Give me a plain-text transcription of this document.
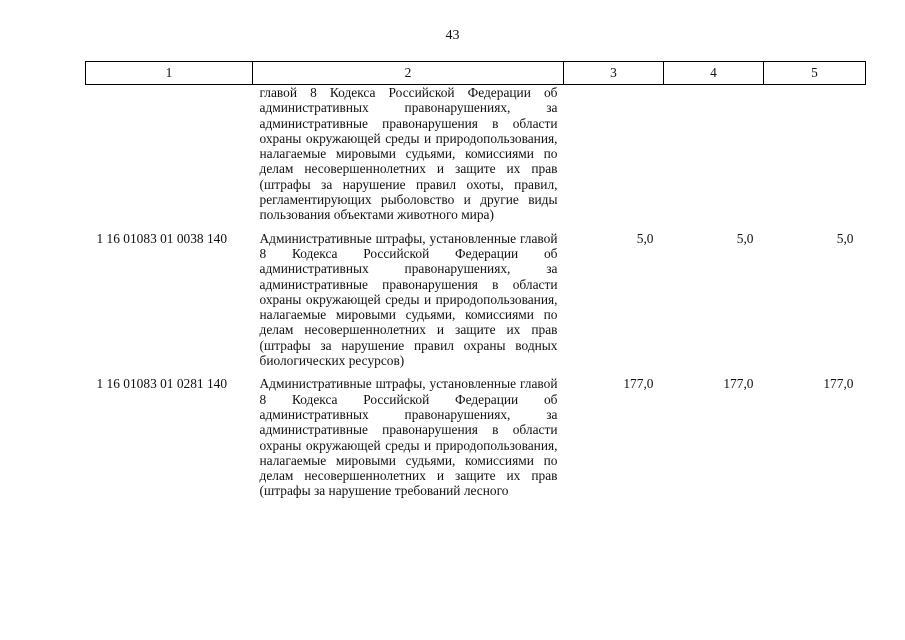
43
1	2	3	4	5
	главой 8 Кодекса Российской Федерации об административных правонарушениях, за административные правонарушения в области охраны окружающей среды и природопользования, налагаемые мировыми судьями, комиссиями по делам несовершеннолетних и защите их прав (штрафы за нарушение правил охоты, правил, регламентирующих рыболовство и другие виды пользования объектами животного мира)			
1 16 01083 01 0038 140	Административные штрафы, установленные главой 8 Кодекса Российской Федерации об административных правонарушениях, за административные правонарушения в области охраны окружающей среды и природопользования, налагаемые мировыми судьями, комиссиями по делам несовершеннолетних и защите их прав (штрафы за нарушение правил охраны водных биологических ресурсов)	5,0	5,0	5,0
1 16 01083 01 0281 140	Административные штрафы, установленные главой 8 Кодекса Российской Федерации об административных правонарушениях, за административные правонарушения в области охраны окружающей среды и природопользования, налагаемые мировыми судьями, комиссиями по делам несовершеннолетних и защите их прав (штрафы за нарушение требований лесного	177,0	177,0	177,0
